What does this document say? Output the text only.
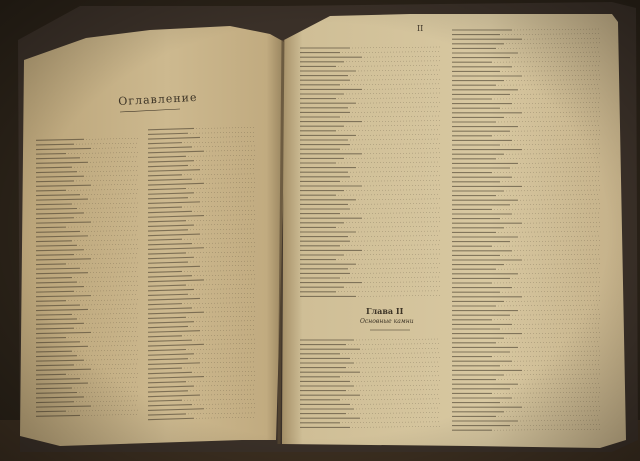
Оглавление
II
Глава II
Основные камни
